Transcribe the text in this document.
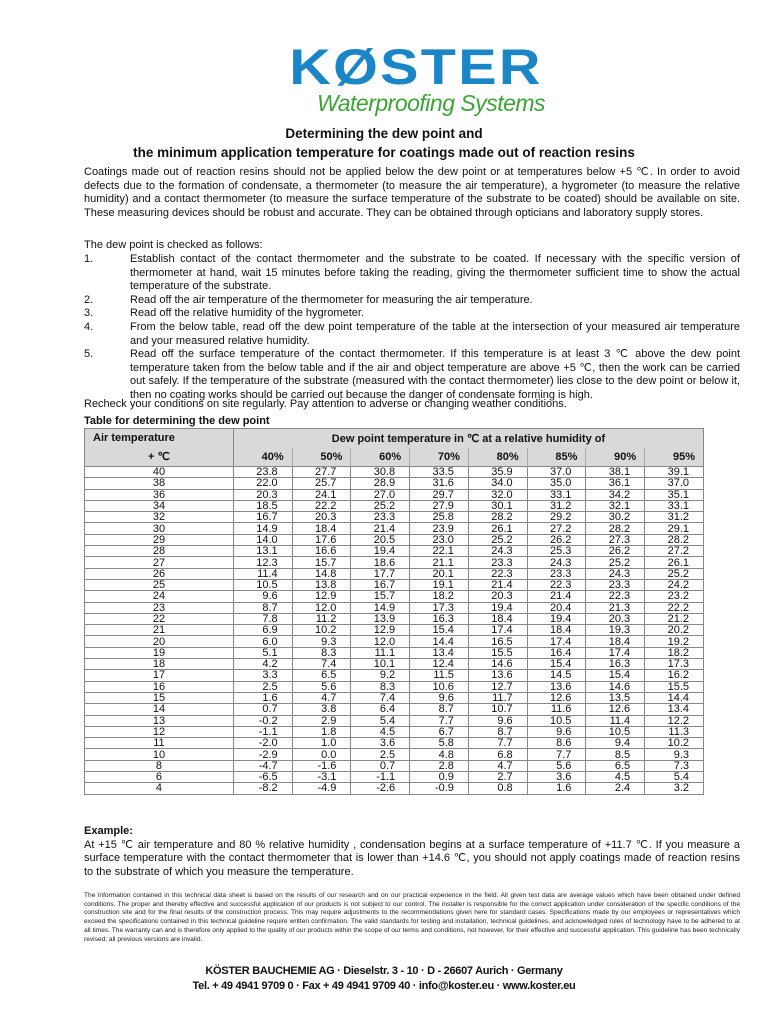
KØSTER
Waterproofing Systems
Determining the dew point and
the minimum application temperature for coatings made out of reaction resins

Coatings made out of reaction resins should not be applied below the dew point or at temperatures below +5 ℃. In order to avoid defects due to the formation of condensate, a thermometer (to measure the air temperature), a hygrometer (to measure the relative humidity) and a contact thermometer (to measure the surface temperature of the substrate to be coated) should be available on site. These measuring devices should be robust and accurate. They can be obtained through opticians and laboratory supply stores.

The dew point is checked as follows:

1.	Establish contact of the contact thermometer and the substrate to be coated. If necessary with the specific version of thermometer at hand, wait 15 minutes before taking the reading, giving the thermometer sufficient time to show the actual temperature of the substrate.
2.	Read off the air temperature of the thermometer for measuring the air temperature.
3.	Read off the relative humidity of the hygrometer.
4.	From the below table, read off the dew point temperature of the table at the intersection of your measured air temperature and your measured relative humidity.
5.	Read off the surface temperature of the contact thermometer. If this temperature is at least 3 ℃ above the dew point temperature taken from the below table and if the air and object temperature are above +5 ℃, then the work can be carried out safely. If the temperature of the substrate (measured with the contact thermometer) lies close to the dew point or below it, then no coating works should be carried out because the danger of condensate forming is high.

Recheck your conditions on site regularly. Pay attention to adverse or changing weather conditions.

Table for determining the dew point
Air temperature	Dew point temperature in ℃ at a relative humidity of							
+ ℃	40%	50%	60%	70%	80%	85%	90%	95%
40	23.8	27.7	30.8	33.5	35.9	37.0	38.1	39.1
38	22.0	25.7	28.9	31.6	34.0	35.0	36.1	37.0
36	20.3	24.1	27.0	29.7	32.0	33.1	34.2	35.1
34	18.5	22.2	25.2	27.9	30.1	31.2	32.1	33.1
32	16.7	20.3	23.3	25.8	28.2	29.2	30.2	31.2
30	14.9	18.4	21.4	23.9	26.1	27.2	28.2	29.1
29	14.0	17.6	20.5	23.0	25.2	26.2	27.3	28.2
28	13.1	16.6	19.4	22.1	24.3	25.3	26.2	27.2
27	12.3	15.7	18.6	21.1	23.3	24.3	25.2	26.1
26	11.4	14.8	17.7	20.1	22.3	23.3	24.3	25.2
25	10.5	13.8	16.7	19.1	21.4	22.3	23.3	24.2
24	9.6	12.9	15.7	18.2	20.3	21.4	22.3	23.2
23	8.7	12.0	14.9	17.3	19.4	20.4	21.3	22.2
22	7.8	11.2	13.9	16.3	18.4	19.4	20.3	21.2
21	6.9	10.2	12.9	15.4	17.4	18.4	19.3	20.2
20	6.0	9.3	12.0	14.4	16.5	17.4	18.4	19.2
19	5.1	8.3	11.1	13.4	15.5	16.4	17.4	18.2
18	4.2	7.4	10.1	12.4	14.6	15.4	16.3	17.3
17	3.3	6.5	9.2	11.5	13.6	14.5	15.4	16.2
16	2.5	5.6	8.3	10.6	12.7	13.6	14.6	15.5
15	1.6	4.7	7.4	9.6	11.7	12.6	13.5	14.4
14	0.7	3.8	6.4	8.7	10.7	11.6	12.6	13.4
13	-0.2	2.9	5.4	7.7	9.6	10.5	11.4	12.2
12	-1.1	1.8	4.5	6.7	8.7	9.6	10.5	11.3
11	-2.0	1.0	3.6	5.8	7.7	8.6	9.4	10.2
10	-2.9	0.0	2.5	4.8	6.8	7.7	8.5	9.3
8	-4.7	-1.6	0.7	2.8	4.7	5.6	6.5	7.3
6	-6.5	-3.1	-1.1	0.9	2.7	3.6	4.5	5.4
4	-8.2	-4.9	-2.6	-0.9	0.8	1.6	2.4	3.2
Example:
At +15 ℃ air temperature and 80 % relative humidity , condensation begins at a surface temperature of +11.7 ℃. If you measure a surface temperature with the contact thermometer that is lower than +14.6 ℃, you should not apply coatings made of reaction resins to the substrate of which you measure the temperature.

The information contained in this technical data sheet is based on the results of our research and on our practical experience in the field. All given test data are average values which have been obtained under defined conditions. The proper and thereby effective and successful application of our products is not subject to our control. The installer is responsible for the correct application under consideration of the specific conditions of the construction site and for the final results of the construction process. This may require adjustments to the recommendations given here for standard cases. Specifications made by our employees or representatives which exceed the specifications contained in this technical guideline require written confirmation. The valid standards for testing and installation, technical guidelines, and acknowledged rules of technology have to be adhered to at all times. The warranty can and is therefore only applied to the quality of our products within the scope of our terms and conditions, not however, for their effective and successful application. This guideline has been technically revised; all previous versions are invalid.

KÖSTER BAUCHEMIE AG · Dieselstr. 3 - 10 · D - 26607 Aurich · Germany
Tel. + 49 4941 9709 0 · Fax + 49 4941 9709 40 · info@koster.eu · www.koster.eu
